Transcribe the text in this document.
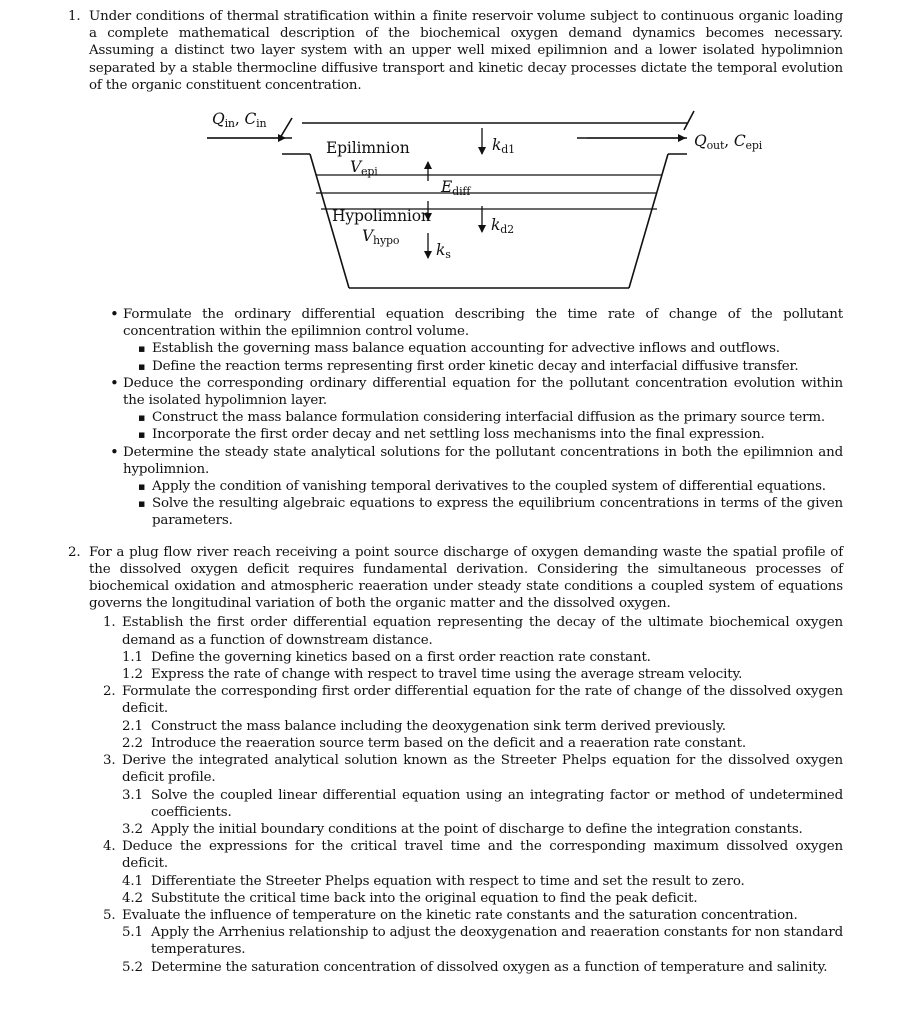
1. Under conditions of thermal stratification within a finite reservoir volume subject to continuous organic loading a complete mathematical description of the biochemical oxygen demand dynamics becomes necessary. Assuming a distinct two layer system with an upper well mixed epilimnion and a lower isolated hypolimnion separated by a stable thermocline diffusive transport and kinetic decay processes dictate the temporal evolution of the organic constituent concentration.
$Q_{in}$, $C_{in}$
Epilimnion
$V_{epi}$
$k_{d1}$	$Q_{out}$, $C_{epi}$
$E_{diff}$
Hypolimnion
$V_{hypo}$
$k_{d2}$
$k_s$
• Formulate the ordinary differential equation describing the time rate of change of the pollutant concentration within the epilimnion control volume.
▪ Establish the governing mass balance equation accounting for advective inflows and outflows.
▪ Define the reaction terms representing first order kinetic decay and interfacial diffusive transfer.
• Deduce the corresponding ordinary differential equation for the pollutant concentration evolution within the isolated hypolimnion layer.
▪ Construct the mass balance formulation considering interfacial diffusion as the primary source term.
▪ Incorporate the first order decay and net settling loss mechanisms into the final expression.
• Determine the steady state analytical solutions for the pollutant concentrations in both the epilimnion and hypolimnion.
▪ Apply the condition of vanishing temporal derivatives to the coupled system of differential equations.
▪ Solve the resulting algebraic equations to express the equilibrium concentrations in terms of the given parameters.
2. For a plug flow river reach receiving a point source discharge of oxygen demanding waste the spatial profile of the dissolved oxygen deficit requires fundamental derivation. Considering the simultaneous processes of biochemical oxidation and atmospheric reaeration under steady state conditions a coupled system of equations governs the longitudinal variation of both the organic matter and the dissolved oxygen.
1. Establish the first order differential equation representing the decay of the ultimate biochemical oxygen demand as a function of downstream distance.
1.1 Define the governing kinetics based on a first order reaction rate constant.
1.2 Express the rate of change with respect to travel time using the average stream velocity.
2. Formulate the corresponding first order differential equation for the rate of change of the dissolved oxygen deficit.
2.1 Construct the mass balance including the deoxygenation sink term derived previously.
2.2 Introduce the reaeration source term based on the deficit and a reaeration rate constant.
3. Derive the integrated analytical solution known as the Streeter Phelps equation for the dissolved oxygen deficit profile.
3.1 Solve the coupled linear differential equation using an integrating factor or method of undetermined coefficients.
3.2 Apply the initial boundary conditions at the point of discharge to define the integration constants.
4. Deduce the expressions for the critical travel time and the corresponding maximum dissolved oxygen deficit.
4.1 Differentiate the Streeter Phelps equation with respect to time and set the result to zero.
4.2 Substitute the critical time back into the original equation to find the peak deficit.
5. Evaluate the influence of temperature on the kinetic rate constants and the saturation concentration.
5.1 Apply the Arrhenius relationship to adjust the deoxygenation and reaeration constants for non standard temperatures.
5.2 Determine the saturation concentration of dissolved oxygen as a function of temperature and salinity.
